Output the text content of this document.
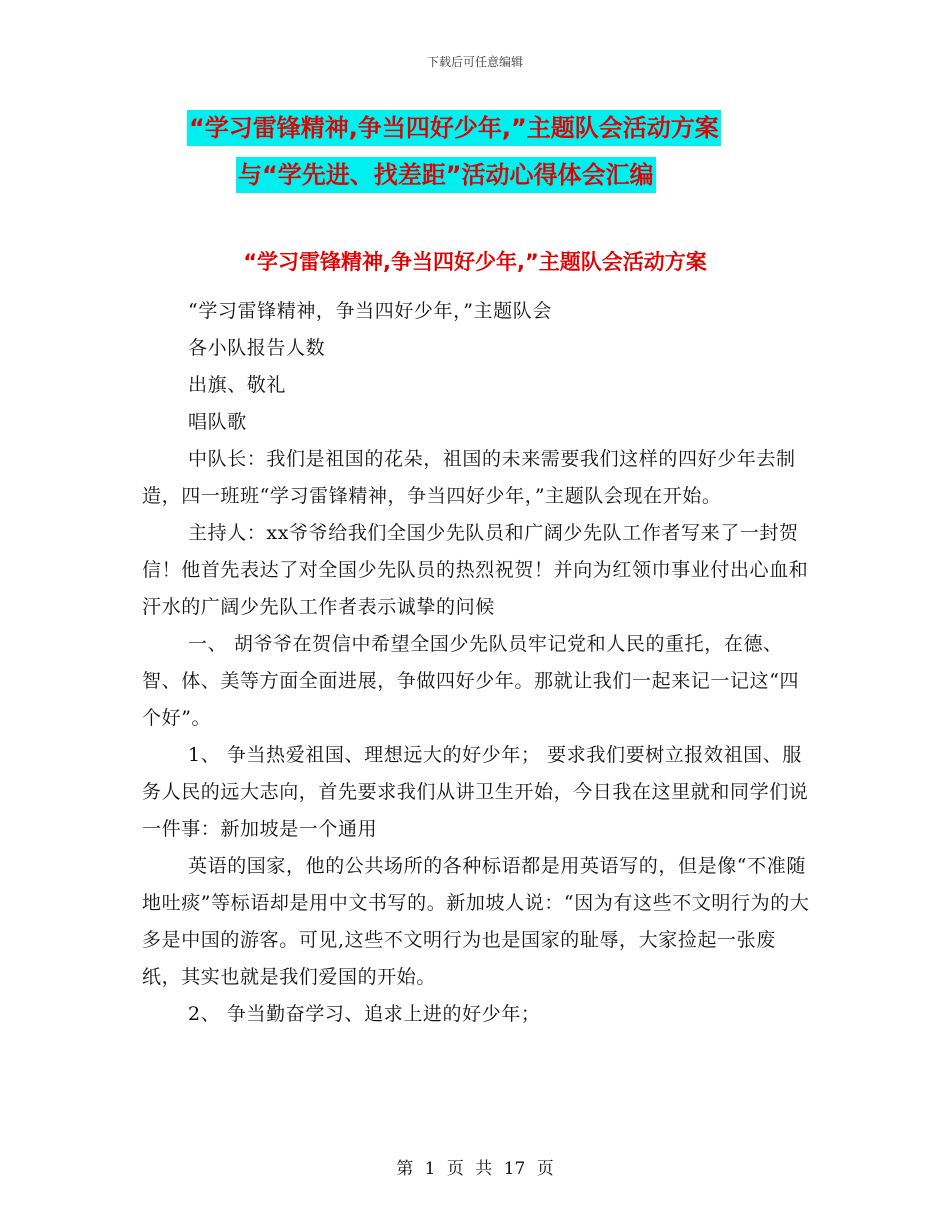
下载后可任意编辑
“学习雷锋精神,争当四好少年,”主题队会活动方案
与“学先进、找差距”活动心得体会汇编
“学习雷锋精神,争当四好少年,”主题队会活动方案

“学习雷锋精神，争当四好少年，”主题队会

各小队报告人数

出旗、敬礼

唱队歌

中队长：我们是祖国的花朵，祖国的未来需要我们这样的四好少年去制造，四一班班“学习雷锋精神，争当四好少年，”主题队会现在开始。

主持人：xx爷爷给我们全国少先队员和广阔少先队工作者写来了一封贺信！他首先表达了对全国少先队员的热烈祝贺！并向为红领巾事业付出心血和汗水的广阔少先队工作者表示诚挚的问候

一、 胡爷爷在贺信中希望全国少先队员牢记党和人民的重托，在德、智、体、美等方面全面进展，争做四好少年。那就让我们一起来记一记这“四个好”。

1、 争当热爱祖国、理想远大的好少年； 要求我们要树立报效祖国、服务人民的远大志向，首先要求我们从讲卫生开始，今日我在这里就和同学们说一件事：新加坡是一个通用

英语的国家，他的公共场所的各种标语都是用英语写的，但是像“不准随地吐痰”等标语却是用中文书写的。新加坡人说：“因为有这些不文明行为的大多是中国的游客。可见,这些不文明行为也是国家的耻辱，大家捡起一张废纸，其实也就是我们爱国的开始。

2、 争当勤奋学习、追求上进的好少年；

第 1 页 共 17 页
